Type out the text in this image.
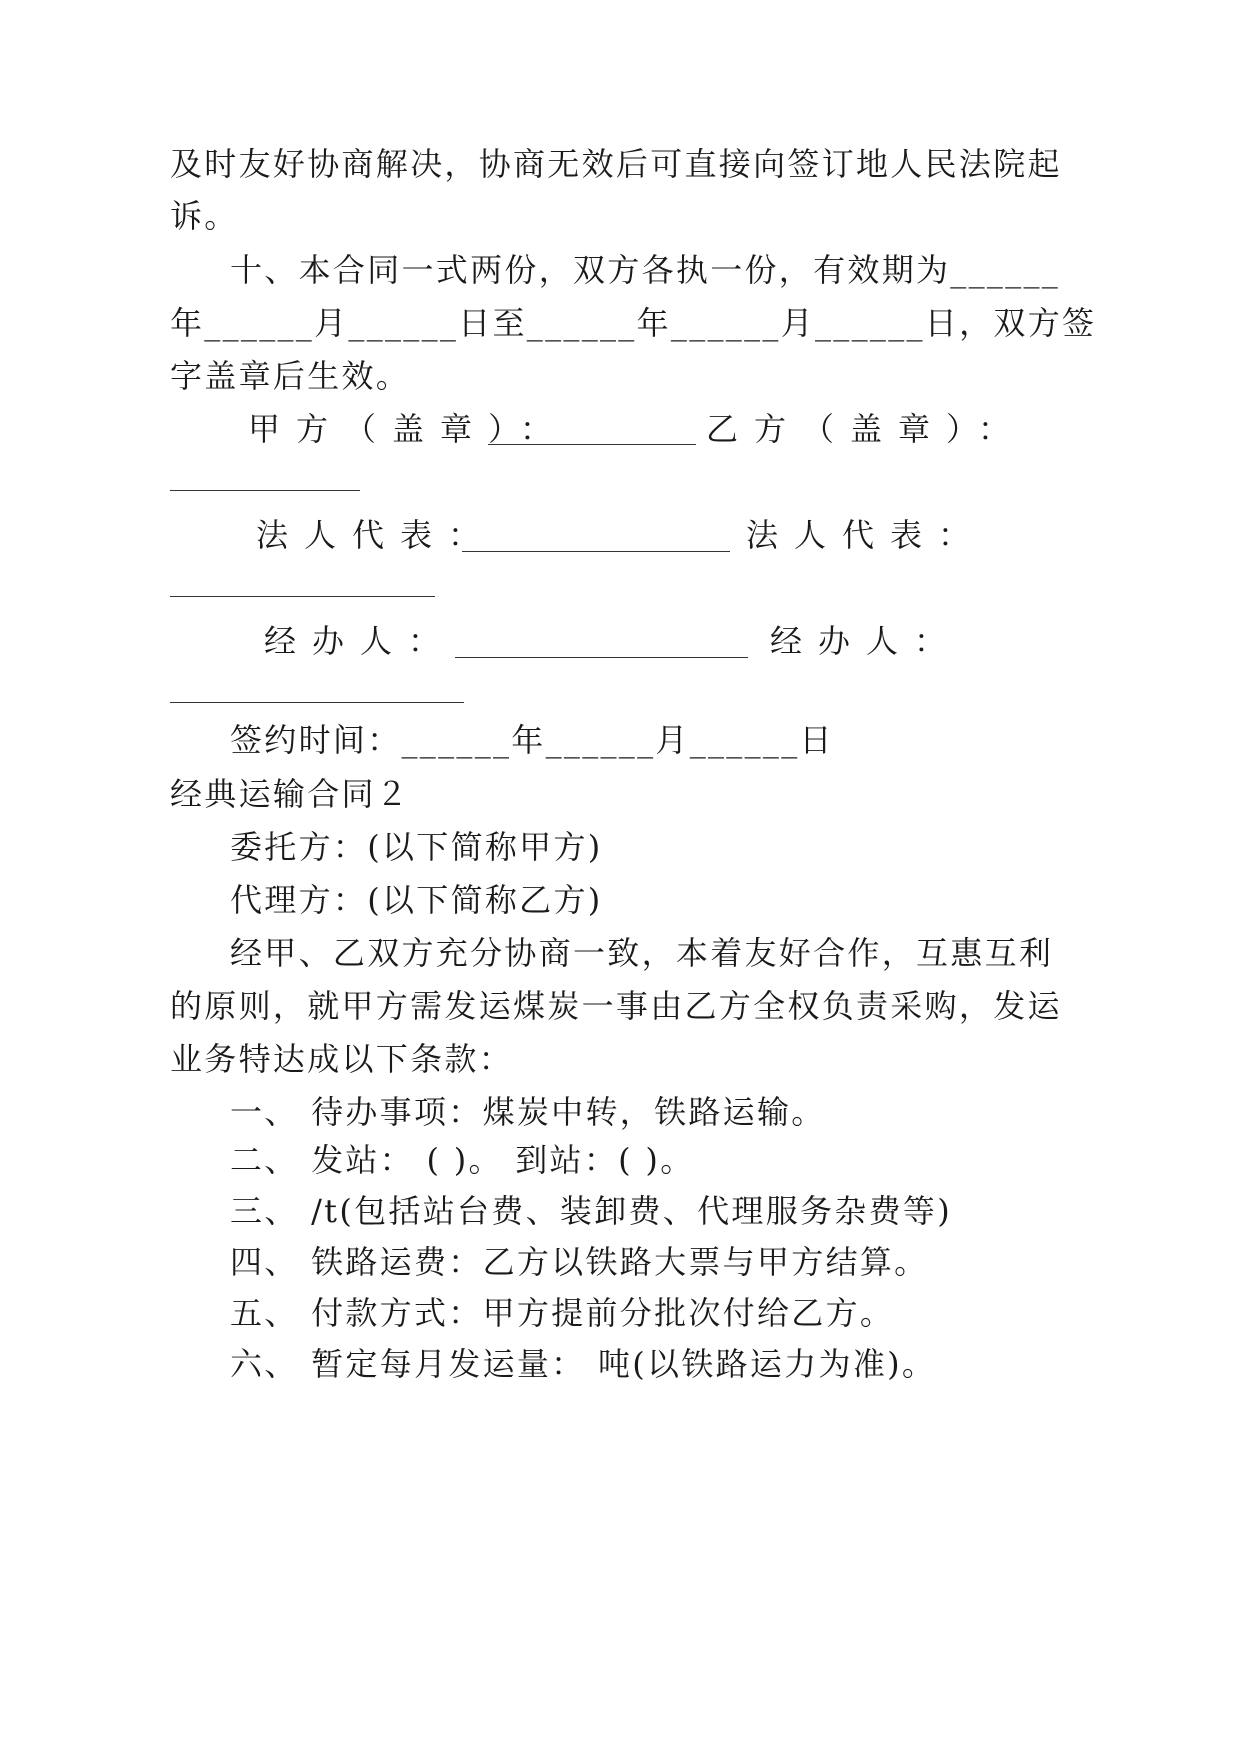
及时友好协商解决，协商无效后可直接向签订地人民法院起
诉。
十、本合同一式两份，双方各执一份，有效期为______
年______月______日至______年______月______日，双方签
字盖章后生效。
甲方（盖章）：	乙方（盖章）：
法人代表：	法人代表：
经办人：	经办人：
签约时间：______年______月______日
经典运输合同２
委托方：(以下简称甲方)
代理方：(以下简称乙方)
经甲、乙双方充分协商一致，本着友好合作，互惠互利
的原则，就甲方需发运煤炭一事由乙方全权负责采购，发运
业务特达成以下条款：
一、 待办事项：煤炭中转，铁路运输。
二、 发站： ( )。 到站：( )。
三、 /t(包括站台费、装卸费、代理服务杂费等)
四、 铁路运费：乙方以铁路大票与甲方结算。
五、 付款方式：甲方提前分批次付给乙方。
六、 暂定每月发运量： 吨(以铁路运力为准)。
